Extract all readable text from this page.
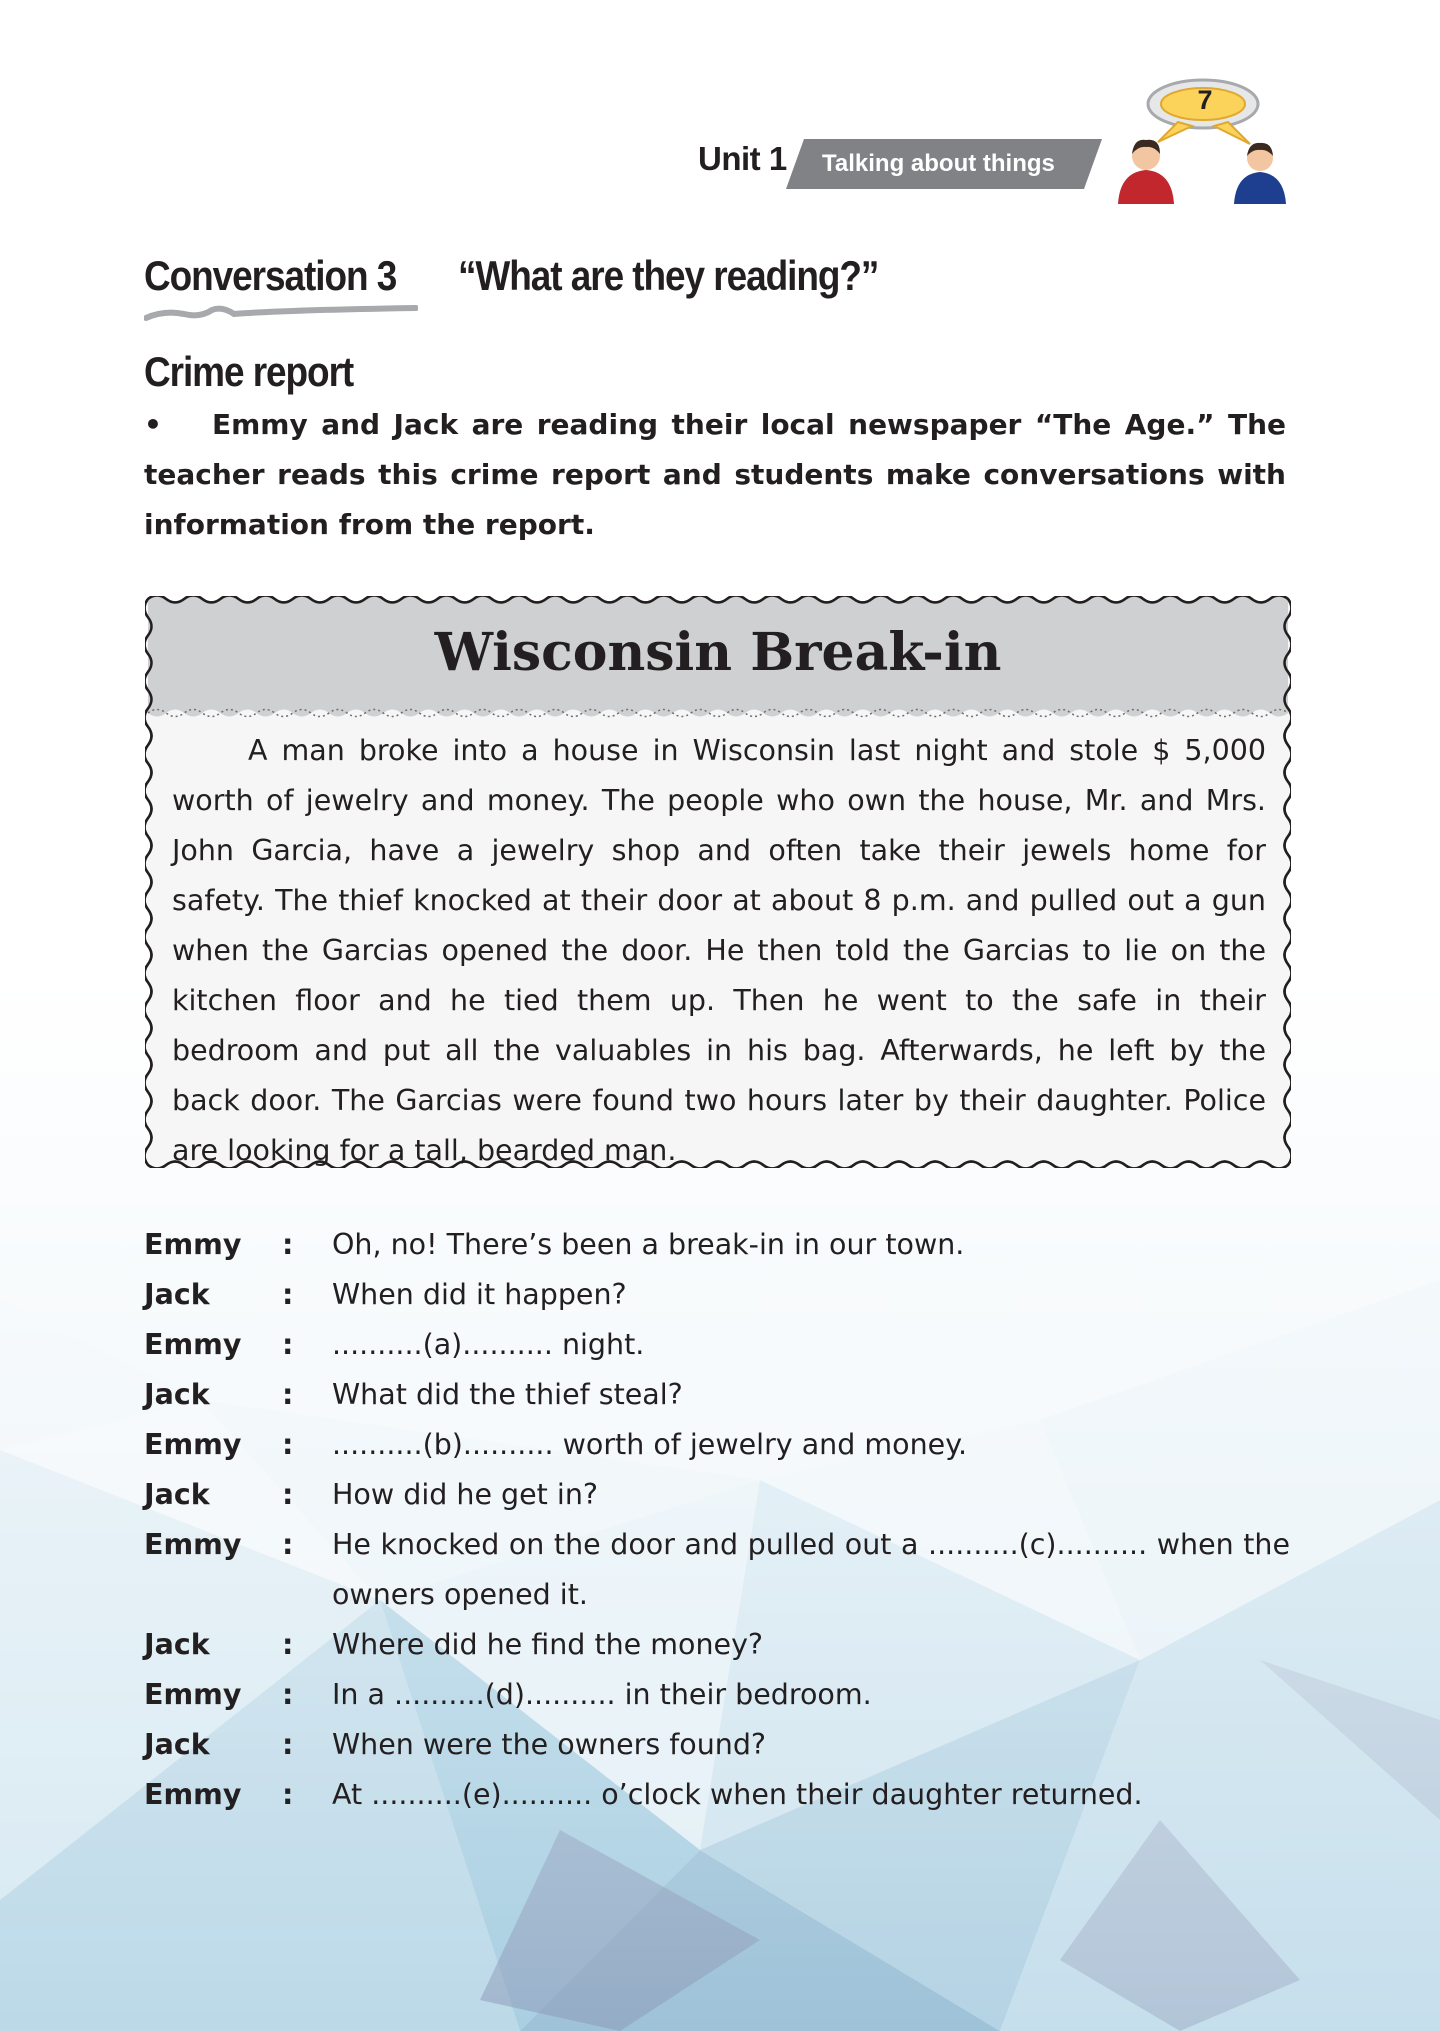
Unit 1 Talking about things
7
Conversation 3 “What are they reading?”
Crime report
• Emmy and Jack are reading their local newspaper “The Age.” The teacher reads this crime report and students make conversations with information from the report.
Wisconsin Break-in
A man broke into a house in Wisconsin last night and stole $ 5,000 worth of jewelry and money. The people who own the house, Mr. and Mrs. John Garcia, have a jewelry shop and often take their jewels home for safety. The thief knocked at their door at about 8 p.m. and pulled out a gun when the Garcias opened the door. He then told the Garcias to lie on the kitchen floor and he tied them up. Then he went to the safe in their bedroom and put all the valuables in his bag. Afterwards, he left by the back door. The Garcias were found two hours later by their daughter. Police are looking for a tall, bearded man.
Emmy	:	Oh, no! There’s been a break-in in our town.
Jack	:	When did it happen?
Emmy	:	..........(a).......... night.
Jack	:	What did the thief steal?
Emmy	:	..........(b).......... worth of jewelry and money.
Jack	:	How did he get in?
Emmy	:	He knocked on the door and pulled out a ..........(c).......... when the owners opened it.
Jack	:	Where did he find the money?
Emmy	:	In a ..........(d).......... in their bedroom.
Jack	:	When were the owners found?
Emmy	:	At ..........(e).......... o’clock when their daughter returned.
